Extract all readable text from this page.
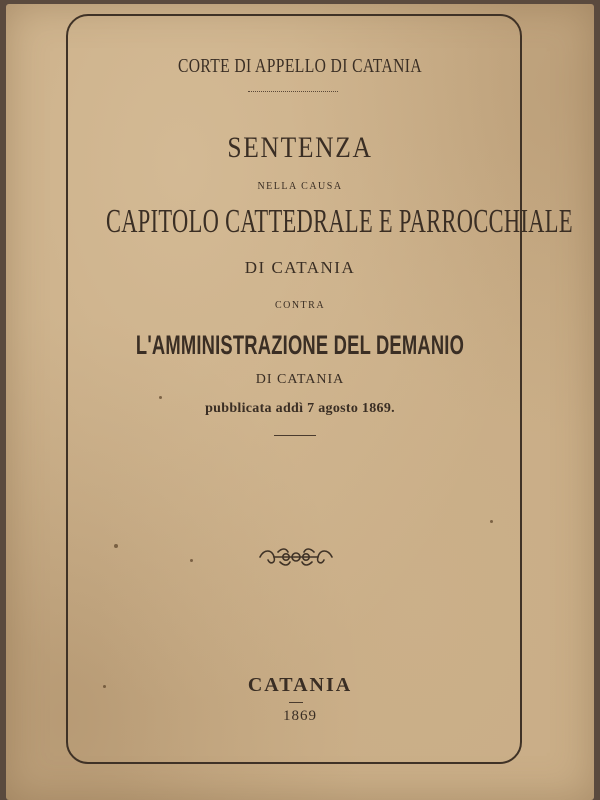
CORTE DI APPELLO DI CATANIA
SENTENZA
NELLA CAUSA
CAPITOLO CATTEDRALE E PARROCCHIALE
DI CATANIA
CONTRA
L'AMMINISTRAZIONE DEL DEMANIO
DI CATANIA
pubblicata addì 7 agosto 1869.
CATANIA
1869
